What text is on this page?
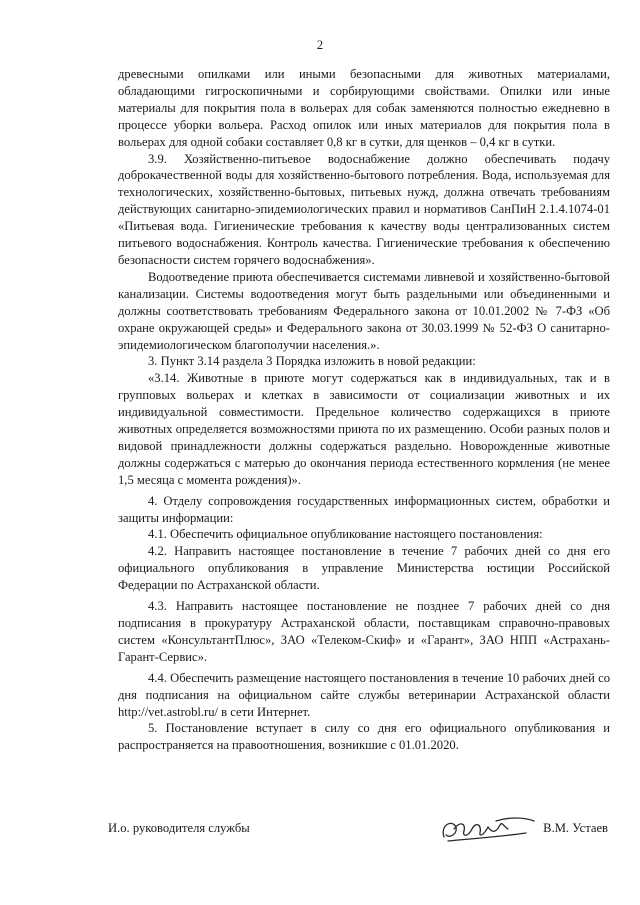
2

древесными опилками или иными безопасными для животных материалами, обладающими гигроскопичными и сорбирующими свойствами. Опилки или иные материалы для покрытия пола в вольерах для собак заменяются полностью ежедневно в процессе уборки вольера. Расход опилок или иных материалов для покрытия пола в вольерах для одной собаки составляет 0,8 кг в сутки, для щенков – 0,4 кг в сутки.

3.9. Хозяйственно-питьевое водоснабжение должно обеспечивать подачу доброкачественной воды для хозяйственно-бытового потребления. Вода, используемая для технологических, хозяйственно-бытовых, питьевых нужд, должна отвечать требованиям действующих санитарно-эпидемиологических правил и нормативов СанПиН 2.1.4.1074-01 «Питьевая вода. Гигиенические требования к качеству воды централизованных систем питьевого водоснабжения. Контроль качества. Гигиенические требования к обеспечению безопасности систем горячего водоснабжения».

Водоотведение приюта обеспечивается системами ливневой и хозяйственно-бытовой канализации. Системы водоотведения могут быть раздельными или объединенными и должны соответствовать требованиям Федерального закона от 10.01.2002 № 7-ФЗ «Об охране окружающей среды» и Федерального закона от 30.03.1999 № 52-ФЗ О санитарно-эпидемиологическом благополучии населения.».

3. Пункт 3.14 раздела 3 Порядка изложить в новой редакции:

«3.14. Животные в приюте могут содержаться как в индивидуальных, так и в групповых вольерах и клетках в зависимости от социализации животных и их индивидуальной совместимости. Предельное количество содержащихся в приюте животных определяется возможностями приюта по их размещению. Особи разных полов и видовой принадлежности должны содержаться раздельно. Новорожденные животные должны содержаться с матерью до окончания периода естественного кормления (не менее 1,5 месяца с момента рождения)».

4. Отделу сопровождения государственных информационных систем, обработки и защиты информации:

4.1. Обеспечить официальное опубликование настоящего постановления:

4.2. Направить настоящее постановление в течение 7 рабочих дней со дня его официального опубликования в управление Министерства юстиции Российской Федерации по Астраханской области.

4.3. Направить настоящее постановление не позднее 7 рабочих дней со дня подписания в прокуратуру Астраханской области, поставщикам справочно-правовых систем «КонсультантПлюс», ЗАО «Телеком-Скиф» и «Гарант», ЗАО НПП «Астрахань-Гарант-Сервис».

4.4. Обеспечить размещение настоящего постановления в течение 10 рабочих дней со дня подписания на официальном сайте службы ветеринарии Астраханской области http://vet.astrobl.ru/ в сети Интернет.

5. Постановление вступает в силу со дня его официального опубликования и распространяется на правоотношения, возникшие с 01.01.2020.

И.о. руководителя службы	В.М. Устаев
